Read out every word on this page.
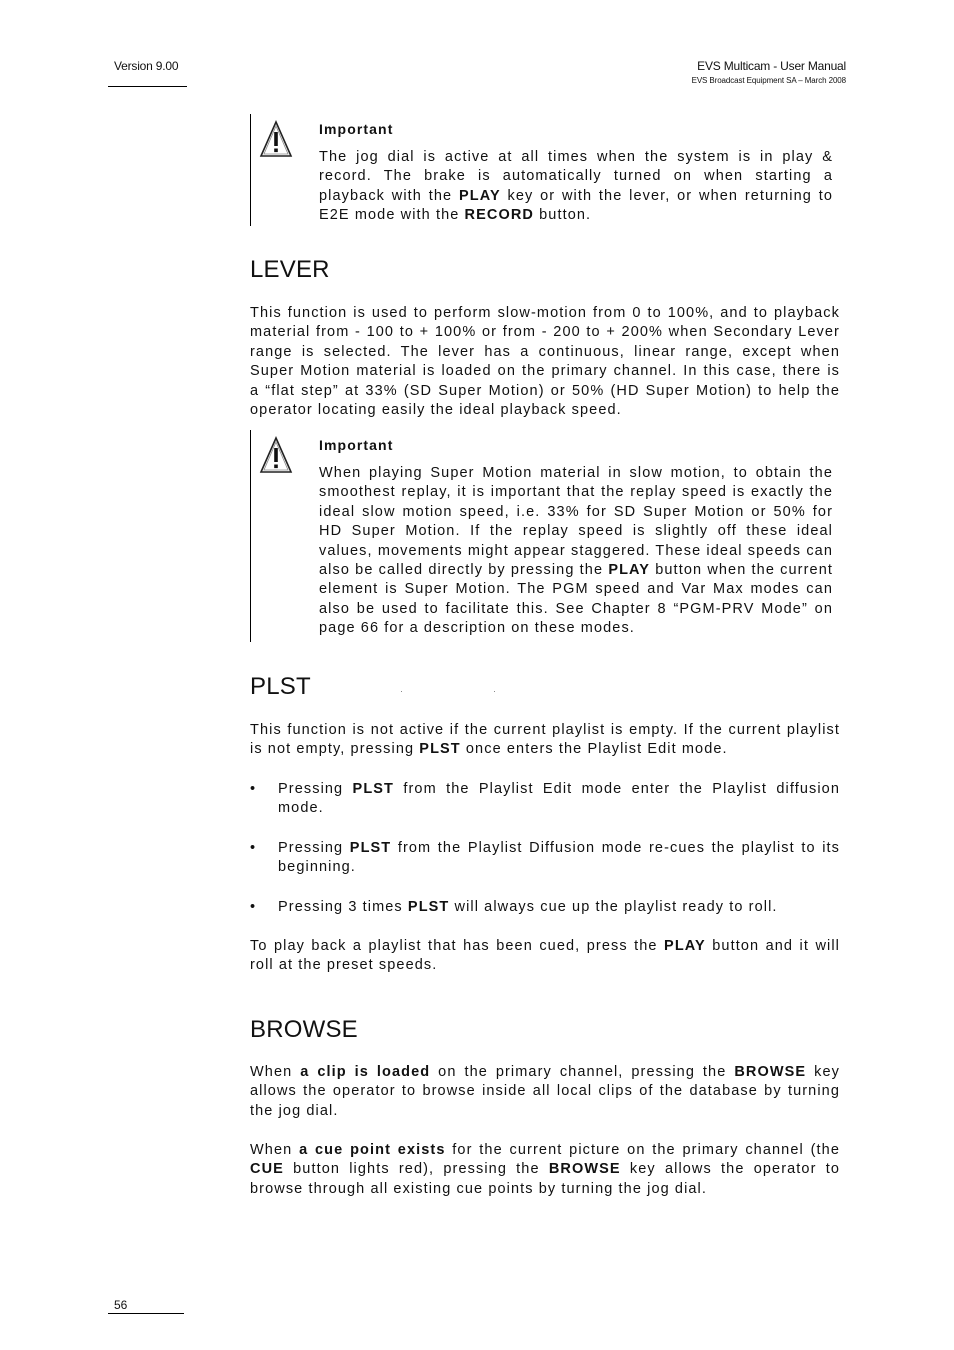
Version 9.00	EVS Multicam - User Manual
EVS Broadcast Equipment SA – March 2008

Important

The jog dial is active at all times when the system is in play & record. The brake is automatically turned on when starting a playback with the PLAY key or with the lever, or when returning to E2E mode with the RECORD button.

LEVER

This function is used to perform slow-motion from 0 to 100%, and to playback material from - 100 to + 100% or from - 200 to + 200% when Secondary Lever range is selected. The lever has a continuous, linear range, except when Super Motion material is loaded on the primary channel. In this case, there is a “flat step” at 33% (SD Super Motion) or 50% (HD Super Motion) to help the operator locating easily the ideal playback speed.

Important

When playing Super Motion material in slow motion, to obtain the smoothest replay, it is important that the replay speed is exactly the ideal slow motion speed, i.e. 33% for SD Super Motion or 50% for HD Super Motion. If the replay speed is slightly off these ideal values, movements might appear staggered. These ideal speeds can also be called directly by pressing the PLAY button when the current element is Super Motion. The PGM speed and Var Max modes can also be used to facilitate this. See Chapter 8 “PGM-PRV Mode” on page 66 for a description on these modes.

PLST

This function is not active if the current playlist is empty. If the current playlist is not empty, pressing PLST once enters the Playlist Edit mode.

• Pressing PLST from the Playlist Edit mode enter the Playlist diffusion mode.
• Pressing PLST from the Playlist Diffusion mode re-cues the playlist to its beginning.
• Pressing 3 times PLST will always cue up the playlist ready to roll.

To play back a playlist that has been cued, press the PLAY button and it will roll at the preset speeds.

BROWSE

When a clip is loaded on the primary channel, pressing the BROWSE key allows the operator to browse inside all local clips of the database by turning the jog dial.

When a cue point exists for the current picture on the primary channel (the CUE button lights red), pressing the BROWSE key allows the operator to browse through all existing cue points by turning the jog dial.

56
